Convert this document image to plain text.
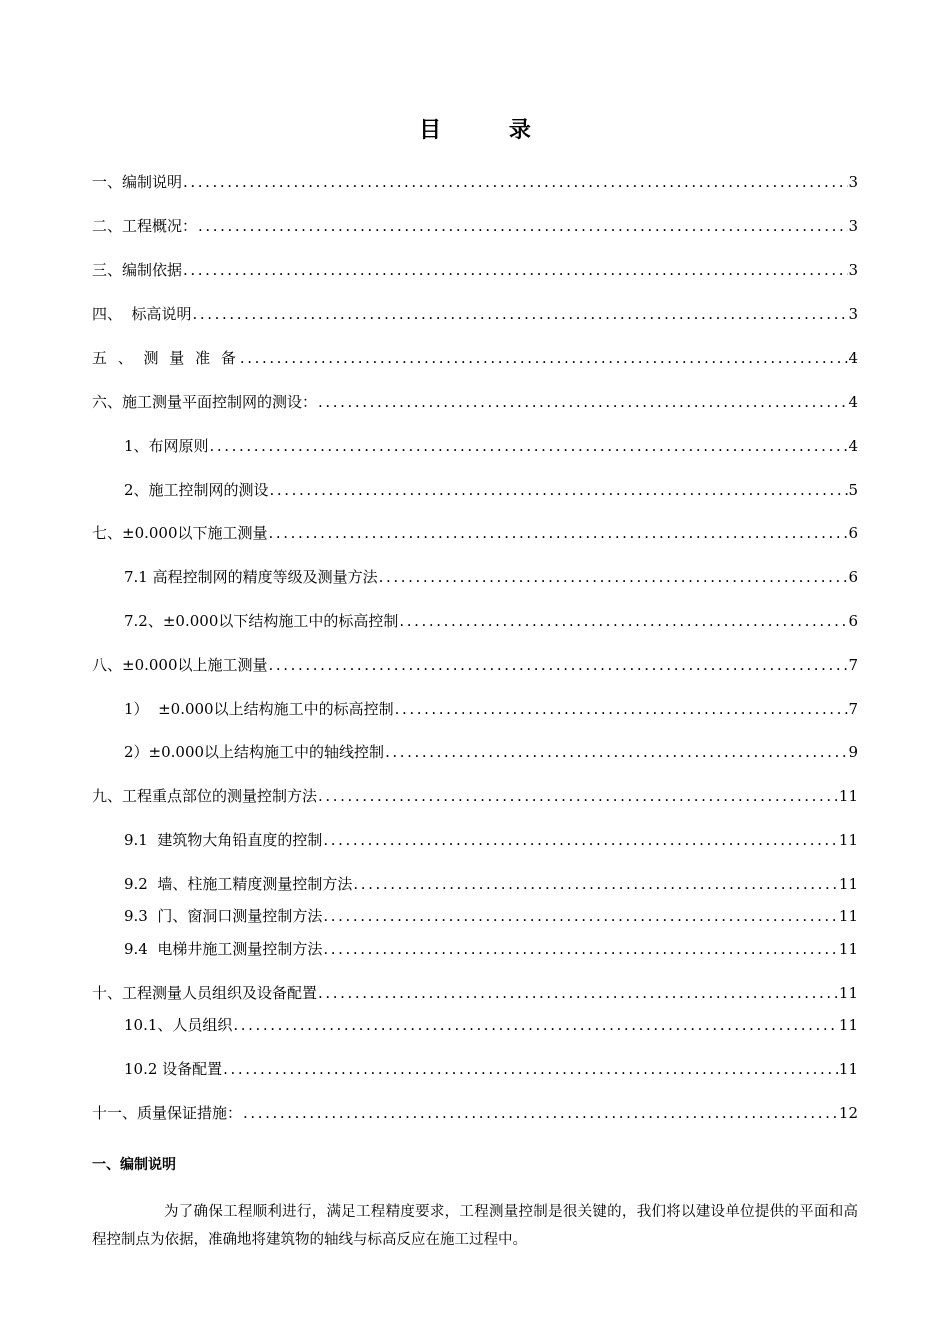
目 录
一、编制说明 .....	3
二、工程概况： .....	3
三、编制依据 .....	3
四、  标高说明 .....	3
五 、 测 量 准 备 .....	4
六、施工测量平面控制网的测设： .....	4
1、布网原则 .....	4
2、施工控制网的测设 .....	5
七、±0.000以下施工测量 .....	6
7.1 高程控制网的精度等级及测量方法 .....	6
7.2、±0.000以下结构施工中的标高控制 .....	6
八、±0.000以上施工测量 .....	7
1）  ±0.000以上结构施工中的标高控制 .....	7
2）±0.000以上结构施工中的轴线控制 .....	9
九、工程重点部位的测量控制方法 .....	11
9.1  建筑物大角铅直度的控制 .....	11
9.2  墙、柱施工精度测量控制方法 .....	11
9.3  门、窗洞口测量控制方法 .....	11
9.4  电梯井施工测量控制方法 .....	11
十、工程测量人员组织及设备配置 .....	11
10.1、人员组织 .....	11
10.2 设备配置 .....	11
十一、质量保证措施： .....	12
一、编制说明
为了确保工程顺利进行，满足工程精度要求，工程测量控制是很关键的，我们将以建设单位提供的平面和高程控制点为依据，准确地将建筑物的轴线与标高反应在施工过程中。
